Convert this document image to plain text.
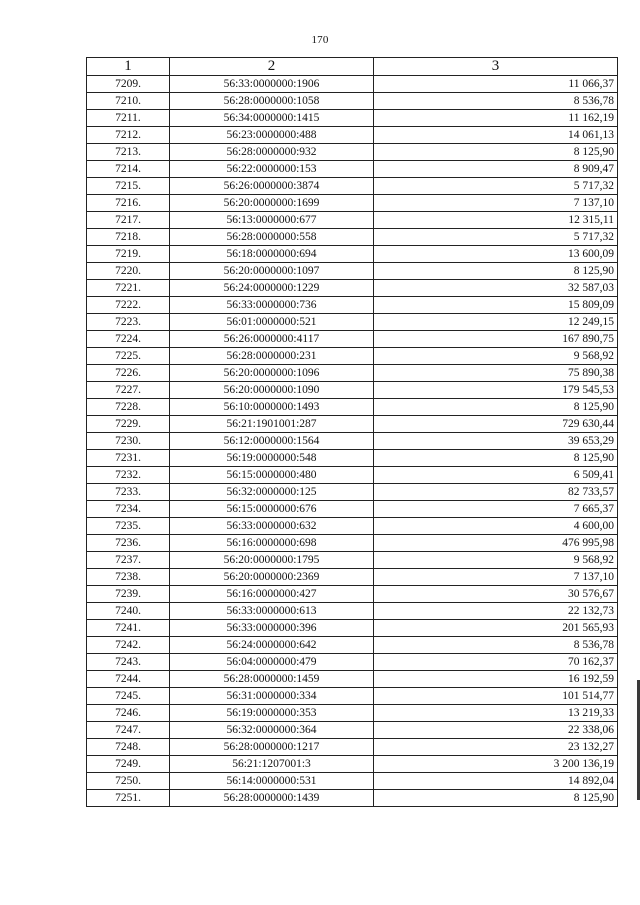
170
1	2	3
7209.	56:33:0000000:1906	11 066,37
7210.	56:28:0000000:1058	8 536,78
7211.	56:34:0000000:1415	11 162,19
7212.	56:23:0000000:488	14 061,13
7213.	56:28:0000000:932	8 125,90
7214.	56:22:0000000:153	8 909,47
7215.	56:26:0000000:3874	5 717,32
7216.	56:20:0000000:1699	7 137,10
7217.	56:13:0000000:677	12 315,11
7218.	56:28:0000000:558	5 717,32
7219.	56:18:0000000:694	13 600,09
7220.	56:20:0000000:1097	8 125,90
7221.	56:24:0000000:1229	32 587,03
7222.	56:33:0000000:736	15 809,09
7223.	56:01:0000000:521	12 249,15
7224.	56:26:0000000:4117	167 890,75
7225.	56:28:0000000:231	9 568,92
7226.	56:20:0000000:1096	75 890,38
7227.	56:20:0000000:1090	179 545,53
7228.	56:10:0000000:1493	8 125,90
7229.	56:21:1901001:287	729 630,44
7230.	56:12:0000000:1564	39 653,29
7231.	56:19:0000000:548	8 125,90
7232.	56:15:0000000:480	6 509,41
7233.	56:32:0000000:125	82 733,57
7234.	56:15:0000000:676	7 665,37
7235.	56:33:0000000:632	4 600,00
7236.	56:16:0000000:698	476 995,98
7237.	56:20:0000000:1795	9 568,92
7238.	56:20:0000000:2369	7 137,10
7239.	56:16:0000000:427	30 576,67
7240.	56:33:0000000:613	22 132,73
7241.	56:33:0000000:396	201 565,93
7242.	56:24:0000000:642	8 536,78
7243.	56:04:0000000:479	70 162,37
7244.	56:28:0000000:1459	16 192,59
7245.	56:31:0000000:334	101 514,77
7246.	56:19:0000000:353	13 219,33
7247.	56:32:0000000:364	22 338,06
7248.	56:28:0000000:1217	23 132,27
7249.	56:21:1207001:3	3 200 136,19
7250.	56:14:0000000:531	14 892,04
7251.	56:28:0000000:1439	8 125,90
